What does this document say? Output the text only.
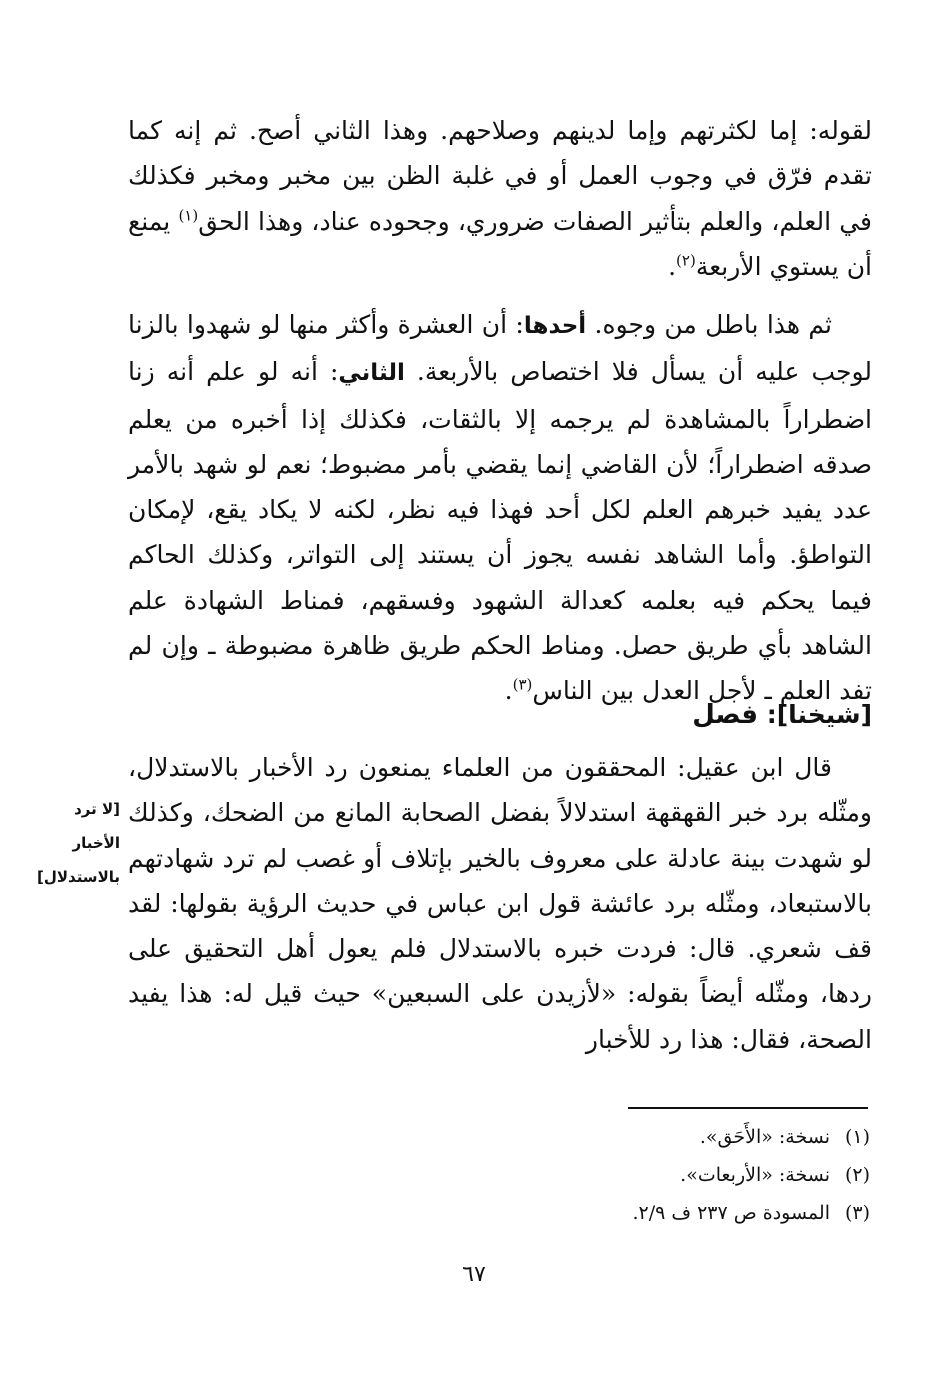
لقوله: إما لكثرتهم وإما لدينهم وصلاحهم. وهذا الثاني أصح. ثم إنه كما تقدم فرّق في وجوب العمل أو في غلبة الظن بين مخبر ومخبر فكذلك في العلم، والعلم بتأثير الصفات ضروري، وجحوده عناد، وهذا الحق$^{(١)}$ يمنع أن يستوي الأربعة$^{(٢)}$.

ثم هذا باطل من وجوه. أحدها: أن العشرة وأكثر منها لو شهدوا بالزنا لوجب عليه أن يسأل فلا اختصاص بالأربعة. الثاني: أنه لو علم أنه زنا اضطراراً بالمشاهدة لم يرجمه إلا بالثقات، فكذلك إذا أخبره من يعلم صدقه اضطراراً؛ لأن القاضي إنما يقضي بأمر مضبوط؛ نعم لو شهد بالأمر عدد يفيد خبرهم العلم لكل أحد فهذا فيه نظر، لكنه لا يكاد يقع، لإمكان التواطؤ. وأما الشاهد نفسه يجوز أن يستند إلى التواتر، وكذلك الحاكم فيما يحكم فيه بعلمه كعدالة الشهود وفسقهم، فمناط الشهادة علم الشاهد بأي طريق حصل. ومناط الحكم طريق ظاهرة مضبوطة ـ وإن لم تفد العلم ـ لأجل العدل بين الناس$^{(٣)}$.

[شيخنا]: فصل
[لا ترد
الأخبار
بالاستدلال]

قال ابن عقيل: المحققون من العلماء يمنعون رد الأخبار بالاستدلال، ومثّله برد خبر القهقهة استدلالاً بفضل الصحابة المانع من الضحك، وكذلك لو شهدت بينة عادلة على معروف بالخير بإتلاف أو غصب لم ترد شهادتهم بالاستبعاد، ومثّله برد عائشة قول ابن عباس في حديث الرؤية بقولها: لقد قف شعري. قال: فردت خبره بالاستدلال فلم يعول أهل التحقيق على ردها، ومثّله أيضاً بقوله: «لأزيدن على السبعين» حيث قيل له: هذا يفيد الصحة، فقال: هذا رد للأخبار

(١)نسخة: «الأَحَق».
(٢)نسخة: «الأربعات».
(٣)المسودة ص ٢٣٧ ف ٢/٩.
٦٧
